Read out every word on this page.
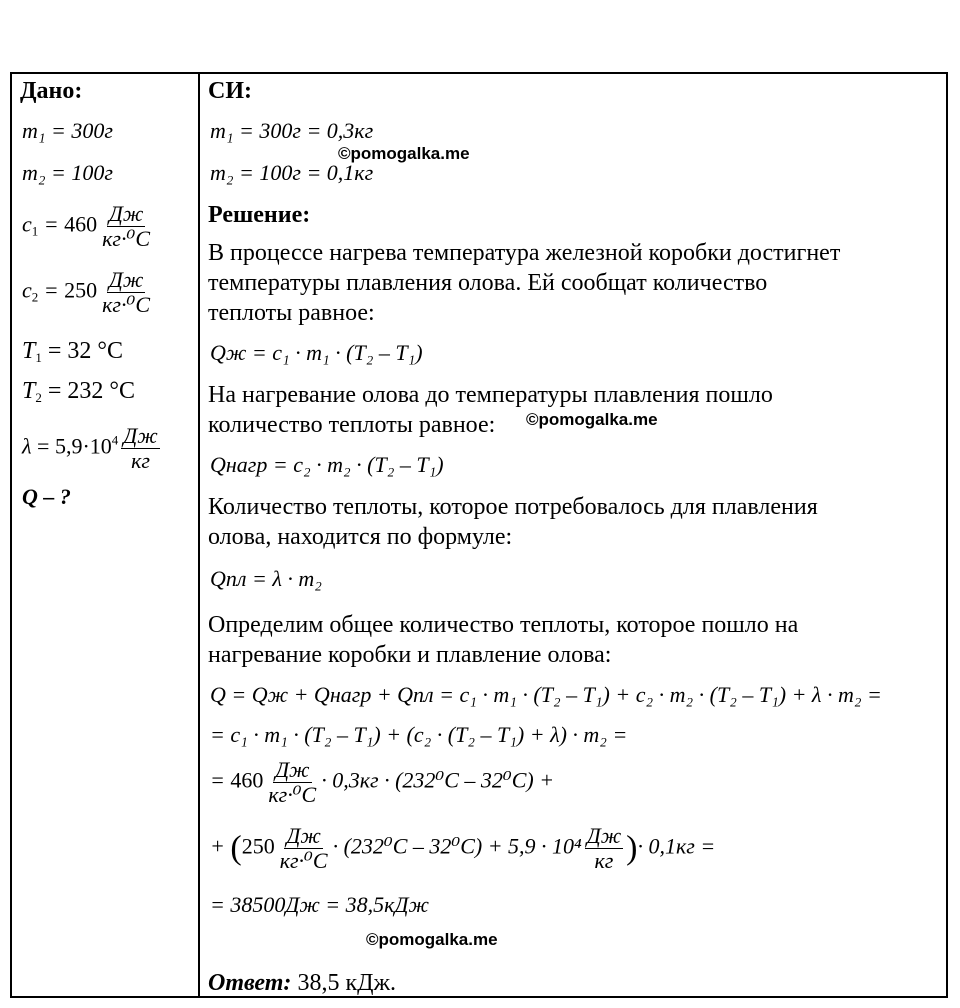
Дано:
m₁ = 300г
m₂ = 100г
$c_1 = 460 \frac{Дж}{\text{кг·⁰C}}$
$c_2 = 250 \frac{Дж}{\text{кг·⁰C}}$
$T_1 = 32$ °C
$T_2 = 232$ °C
$\lambda = 5,9\cdot 10^4 \frac{Дж}{кг}$
Q – ?
СИ:
m₁ = 300г = 0,3кг
m₂ = 100г = 0,1кг
©pomogalka.me
Решение:
В процессе нагрева температура железной коробки достигнет
температуры плавления олова. Ей сообщат количество
теплоты равное:
Qж = c₁ · m₁ · (T₂ – T₁)
На нагревание олова до температуры плавления пошло
количество теплоты равное: ©pomogalka.me
Qнагр = c₂ · m₂ · (T₂ – T₁)
Количество теплоты, которое потребовалось для плавления
олова, находится по формуле:
Qпл = λ · m₂
Определим общее количество теплоты, которое пошло на
нагревание коробки и плавление олова:
Q = Qж + Qнагр + Qпл = c₁ · m₁ · (T₂ – T₁) + c₂ · m₂ · (T₂ – T₁) + λ · m₂ =
= c₁ · m₁ · (T₂ – T₁) + (c₂ · (T₂ – T₁) + λ) · m₂ =
= $460 \frac{Дж}{\text{кг·⁰C}} \cdot 0,3кг \cdot (232^0C - 32^0C)$ +
+ ($250 \frac{Дж}{\text{кг·⁰C}} \cdot (232^0C - 32^0C) + 5,9 \cdot 10^4 \frac{Дж}{кг}$ )· 0,1кг =
= 38500Дж = 38,5кДж
©pomogalka.me
Ответ: 38,5 кДж.
